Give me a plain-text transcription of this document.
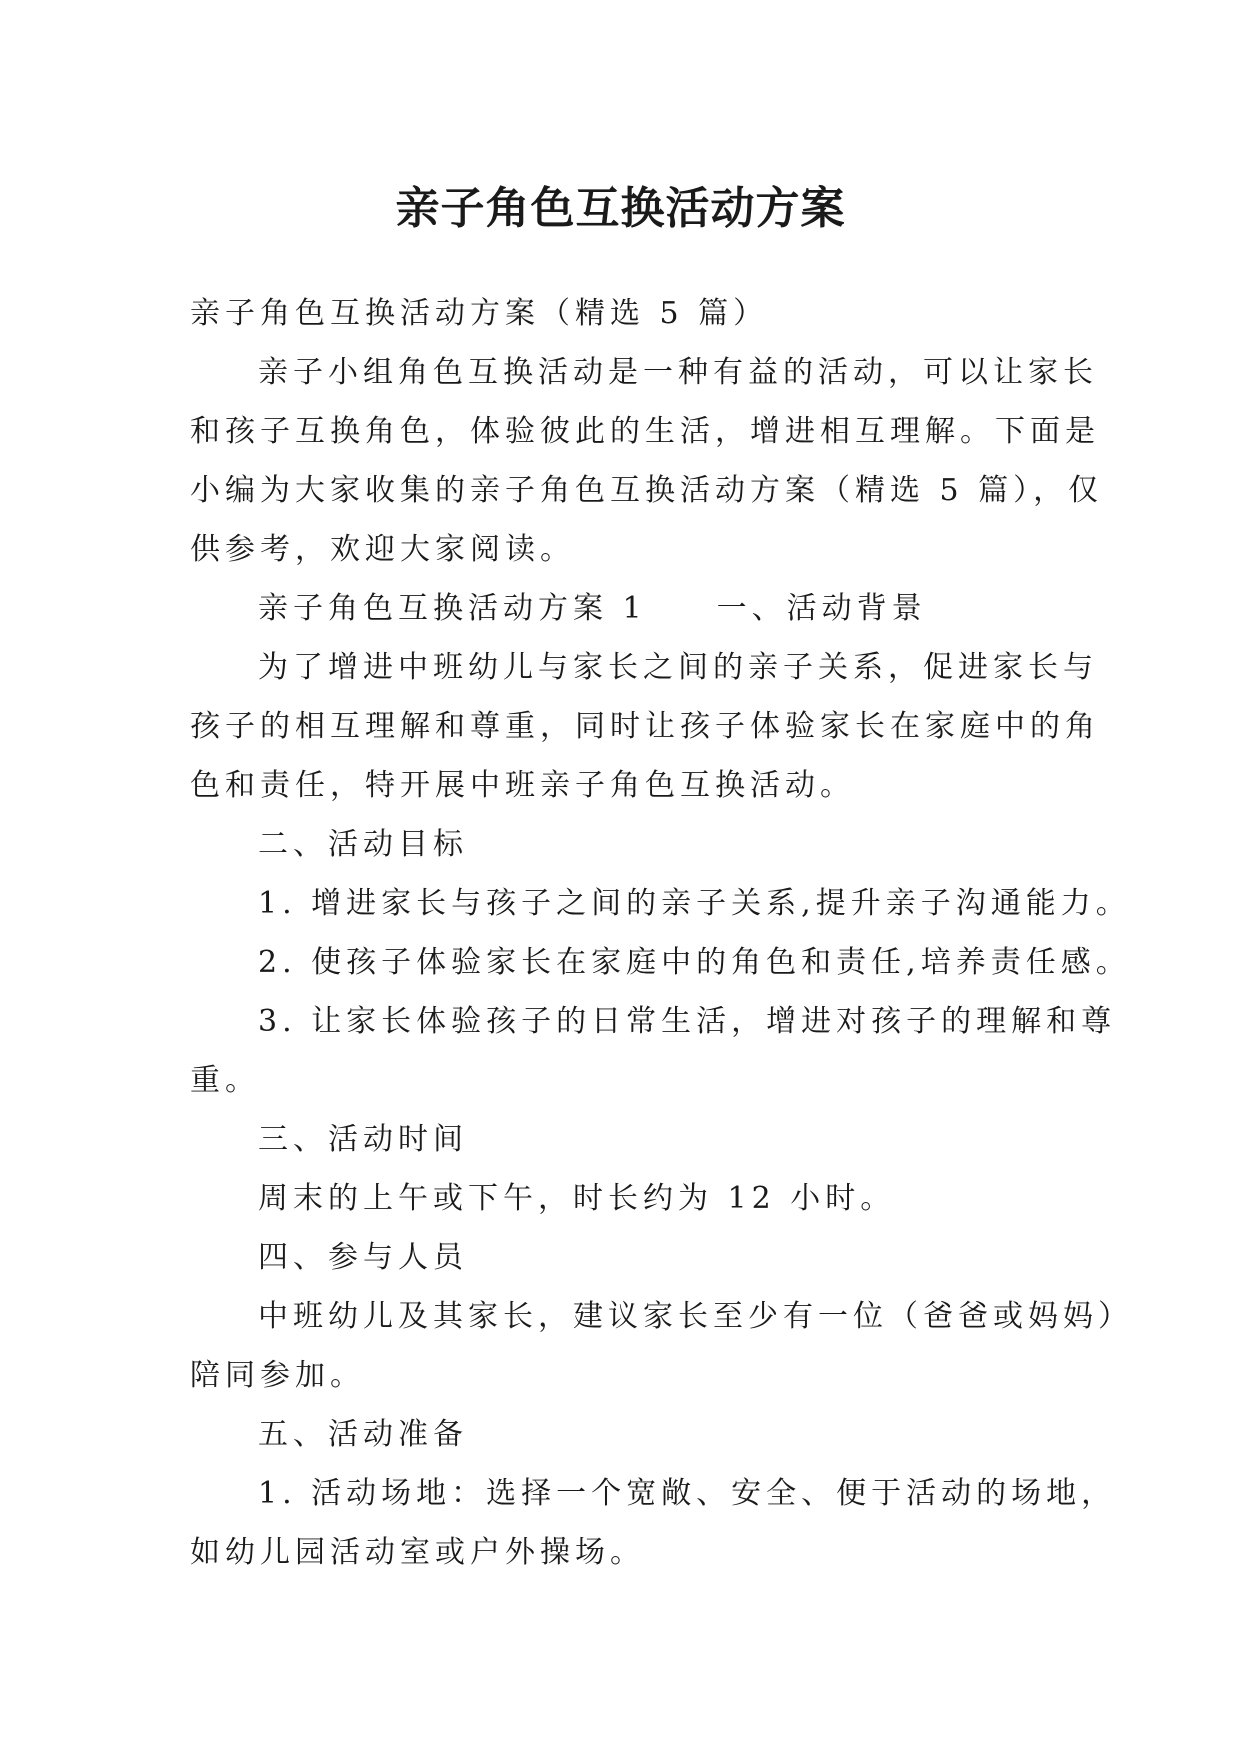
亲子角色互换活动方案

亲子角色互换活动方案（精选 5 篇）

亲子小组角色互换活动是一种有益的活动，可以让家长

和孩子互换角色，体验彼此的生活，增进相互理解。下面是

小编为大家收集的亲子角色互换活动方案（精选 5 篇），仅

供参考，欢迎大家阅读。

亲子角色互换活动方案 1　　一、活动背景

为了增进中班幼儿与家长之间的亲子关系，促进家长与

孩子的相互理解和尊重，同时让孩子体验家长在家庭中的角

色和责任，特开展中班亲子角色互换活动。

二、活动目标

1. 增进家长与孩子之间的亲子关系,提升亲子沟通能力。

2. 使孩子体验家长在家庭中的角色和责任,培养责任感。

3. 让家长体验孩子的日常生活，增进对孩子的理解和尊

重。

三、活动时间

周末的上午或下午，时长约为 12 小时。

四、参与人员

中班幼儿及其家长，建议家长至少有一位（爸爸或妈妈）

陪同参加。

五、活动准备

1. 活动场地：选择一个宽敞、安全、便于活动的场地，

如幼儿园活动室或户外操场。
